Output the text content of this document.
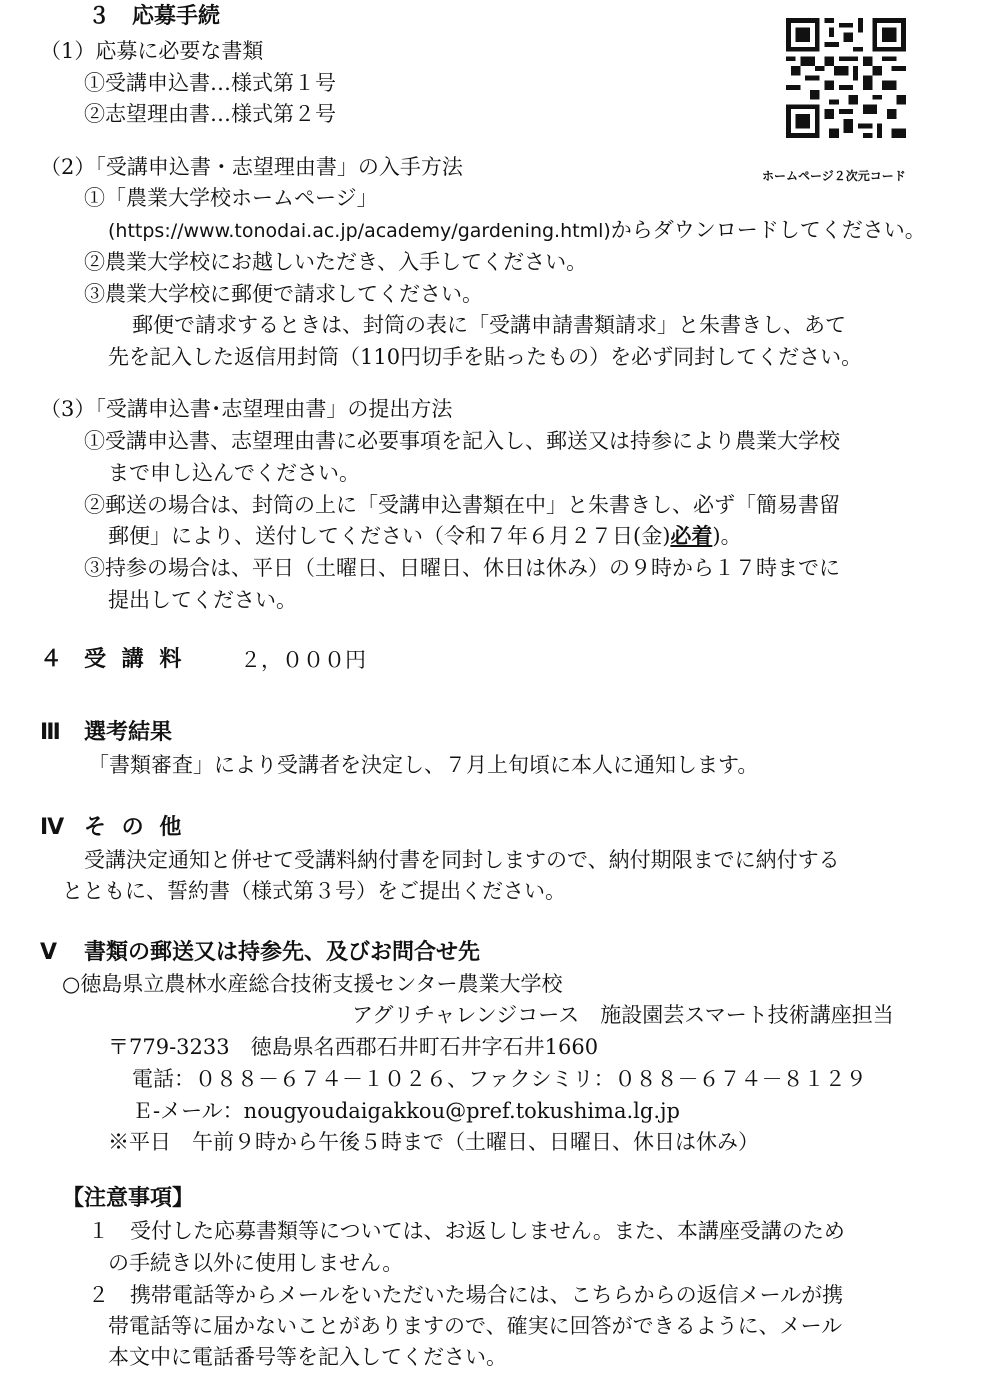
３　応募手続
（1）応募に必要な書類
①受講申込書…様式第１号
②志望理由書…様式第２号
ホームページ２次元コード
（2）「受講申込書・志望理由書」の入手方法
①「農業大学校ホームページ」
(https://www.tonodai.ac.jp/academy/gardening.html)からダウンロードしてください。
②農業大学校にお越しいただき、入手してください。
③農業大学校に郵便で請求してください。
郵便で請求するときは、封筒の表に「受講申請書類請求」と朱書きし、あて
先を記入した返信用封筒（110円切手を貼ったもの）を必ず同封してください。
（3）「受講申込書･志望理由書」の提出方法
①受講申込書、志望理由書に必要事項を記入し、郵送又は持参により農業大学校
まで申し込んでください。
②郵送の場合は、封筒の上に「受講申込書類在中」と朱書きし、必ず「簡易書留
郵便」により、送付してください（令和７年６月２７日(金)必着)。
③持参の場合は、平日（土曜日、日曜日、休日は休み）の９時から１７時までに
提出してください。
４ 受 講 料	２，０００円
Ⅲ 選考結果
「書類審査」により受講者を決定し、７月上旬頃に本人に通知します。
Ⅳ そ の 他
受講決定通知と併せて受講料納付書を同封しますので、納付期限までに納付する
とともに、誓約書（様式第３号）をご提出ください。
Ⅴ 書類の郵送又は持参先、及びお問合せ先
○徳島県立農林水産総合技術支援センター農業大学校
アグリチャレンジコース　施設園芸スマート技術講座担当
〒779-3233　徳島県名西郡石井町石井字石井1660
電話：０８８－６７４－１０２６、ファクシミリ：０８８－６７４－８１２９
Ｅ-メール：nougyoudaigakkou@pref.tokushima.lg.jp
※平日　午前９時から午後５時まで（土曜日、日曜日、休日は休み）
【注意事項】
１　受付した応募書類等については、お返ししません。また、本講座受講のため
の手続き以外に使用しません。
２　携帯電話等からメールをいただいた場合には、こちらからの返信メールが携
帯電話等に届かないことがありますので、確実に回答ができるように、メール
本文中に電話番号等を記入してください。
